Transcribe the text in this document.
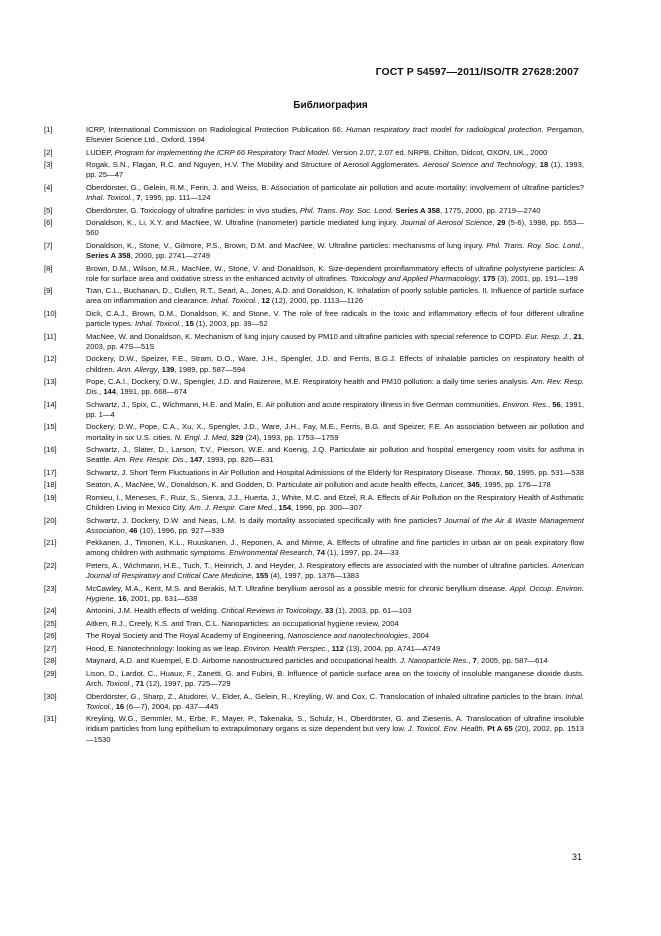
ГОСТ Р 54597—2011/ISO/TR 27628:2007
Библиография
[1]	ICRP, International Commission on Radiological Protection Publication 66: Human respiratory tract model for radiological protection. Pergamon, Elsevier Science Ltd., Oxford, 1994
[2]	LUDEP, Program for implementing the ICRP 66 Respiratory Tract Model. Version 2.07, 2.07 ed. NRPB, Chilton, Didcot, OXON, UK., 2000
[3]	Rogak, S.N., Flagan, R.C. and Nguyen, H.V. The Mobility and Structure of Aerosol Agglomerates. Aerosol Science and Technology, 18 (1), 1993, pp. 25—47
[4]	Oberdörster, G., Gelein, R.M., Ferin, J. and Weiss, B. Association of particulate air pollution and acute mortality: involvement of ultrafine particles? Inhal. Toxicol., 7, 1995, pp. 111—124
[5]	Oberdörster, G. Toxicology of ultrafine particles: in vivo studies, Phil. Trans. Roy. Soc. Lond. Series A 358, 1775, 2000, pp. 2719—2740
[6]	Donaldson, K., Li, X.Y. and MacNee, W. Ultrafine (nanometer) particle mediated lung injury. Journal of Aerosol Science, 29 (5-6), 1998, pp. 553—560
[7]	Donaldson, K., Stone, V., Gilmore, P.S., Brown, D.M. and MacNee, W. Ultrafine particles: mechanisms of lung injury. Phil. Trans. Roy. Soc. Lond., Series A 358, 2000, pp. 2741—2749
[8]	Brown, D.M., Wilson, M.R., MacNee, W., Stone, V. and Donaldson, K. Size-dependent proinflammatory effects of ultrafine polystyrene particles: A role for surface area and oxidative stress in the enhanced activity of ultrafines. Toxicology and Applied Pharmacology, 175 (3), 2001, pp. 191—199
[9]	Tran, C.L., Buchanan, D., Cullen, R.T., Searl, A., Jones, A.D. and Donaldson, K. Inhalation of poorly soluble particles. II. Influence of particle surface area on inflammation and clearance. Inhal. Toxicol., 12 (12), 2000, pp. 1113—1126
[10]	Dick, C.A.J., Brown, D.M., Donaldson, K. and Stone, V. The role of free radicals in the toxic and inflammatory effects of four different ultrafine particle types. Inhal. Toxicol., 15 (1), 2003, pp. 39—52
[11]	MacNee, W. and Donaldson, K. Mechanism of lung injury caused by PM10 and ultrafine particles with special reference to COPD. Eur. Resp. J., 21, 2003, pp. 47S—51S
[12]	Dockery, D.W., Speizer, F.E., Stram, D.O., Ware, J.H., Spengler, J.D. and Ferris, B.G.J. Effects of inhalable particles on respiratory health of children. Ann. Allergy, 139, 1989, pp. 587—594
[13]	Pope, C.A.I., Dockery, D.W., Spengler, J.D. and Raizenne, M.E. Respiratory health and PM10 pollution: a daily time series analysis. Am. Rev. Resp. Dis., 144, 1991, pp. 668—674
[14]	Schwartz, J., Spix, C., Wichmann, H.E. and Malin, E. Air pollution and acute respiratory illness in five German communities. Environ. Res., 56, 1991, pp. 1—4
[15]	Dockery, D.W., Pope, C.A., Xu, X., Spengler, J.D., Ware, J.H., Fay, M.E., Ferris, B.G. and Speizer, F.E. An association between air pollution and mortality in six U.S. cities. N. Engl. J. Med, 329 (24), 1993, pp. 1753—1759
[16]	Schwartz, J., Slater, D., Larson, T.V., Pierson, W.E. and Koenig, J.Q. Particulate air pollution and hospital emergency room visits for asthma in Seattle. Am. Rev. Respir. Dis., 147, 1993, pp. 826—831
[17]	Schwartz, J. Short Term Fluctuations in Air Pollution and Hospital Admissions of the Elderly for Respiratory Disease. Thorax, 50, 1995, pp. 531—538
[18]	Seaton, A., MacNee, W., Donaldson, K. and Godden, D. Particulate air pollution and acute health effects, Lancet, 345, 1995, pp. 176—178
[19]	Romieu, I., Meneses, F., Ruiz, S., Sienra, J.J., Huerta, J., White, M.C. and Etzel, R.A. Effects of Air Pollution on the Respiratory Health of Asthmatic Children Living in Mexico City. Am. J. Respir. Care Med., 154, 1996, pp. 300—307
[20]	Schwartz, J. Dockery, D.W. and Neas, L.M. Is daily mortality associated specifically with fine particles? Journal of the Air & Waste Management Association, 46 (10), 1996, pp. 927—939
[21]	Pekkanen, J., Timonen, K.L., Ruuskanen, J., Reponen, A. and Mirme, A. Effects of ultrafine and fine particles in urban air on peak expiratory flow among children with asthmatic symptoms. Environmental Research, 74 (1), 1997, pp. 24—33
[22]	Peters, A., Wichmann, H.E., Tuch, T., Heinrich, J. and Heyder, J. Respiratory effects are associated with the number of ultrafine particles. American Journal of Respiratory and Critical Care Medicine, 155 (4), 1997, pp. 1376—1383
[23]	McCawley, M.A., Kent, M.S. and Berakis, M.T. Ultrafine beryllium aerosol as a possible metric for chronic beryllium disease. Appl. Occup. Environ. Hygiene, 16, 2001, pp. 631—638
[24]	Antonini, J.M. Health effects of welding. Critical Reviews in Toxicology, 33 (1), 2003, pp. 61—103
[25]	Aitken, R.J., Creely, K.S. and Tran, C.L. Nanoparticles: an occupational hygiene review, 2004
[26]	The Royal Society and The Royal Academy of Engineering, Nanoscience and nanotechnologies, 2004
[27]	Hood, E. Nanotechnology: looking as we leap. Environ. Health Perspec., 112 (13), 2004, pp. A741—A749
[28]	Maynard, A.D. and Kuempel, E.D. Airborne nanostructured particles and occupational health. J. Nanoparticle Res., 7, 2005, pp. 587—614
[29]	Lison, D., Lardot, C., Huaux, F., Zanetti, G. and Fubini, B. Influence of particle surface area on the toxicity of insoluble manganese dioxide dusts. Arch. Toxicol., 71 (12), 1997, pp. 725—729
[30]	Oberdörster, G., Sharp, Z., Atudorei, V., Elder, A., Gelein, R., Kreyling, W. and Cox, C. Translocation of inhaled ultrafine particles to the brain. Inhal. Toxicol., 16 (6—7), 2004, pp. 437—445
[31]	Kreyling, W.G., Semmler, M., Erbe, F., Mayer, P., Takenaka, S., Schulz, H., Oberdörster, G. and Ziesenis, A. Translocation of ultrafine insoluble iridium particles from lung epithelium to extrapulmonary organs is size dependent but very low. J. Toxicol. Env. Health, Pt A 65 (20), 2002, pp. 1513—1530
31
